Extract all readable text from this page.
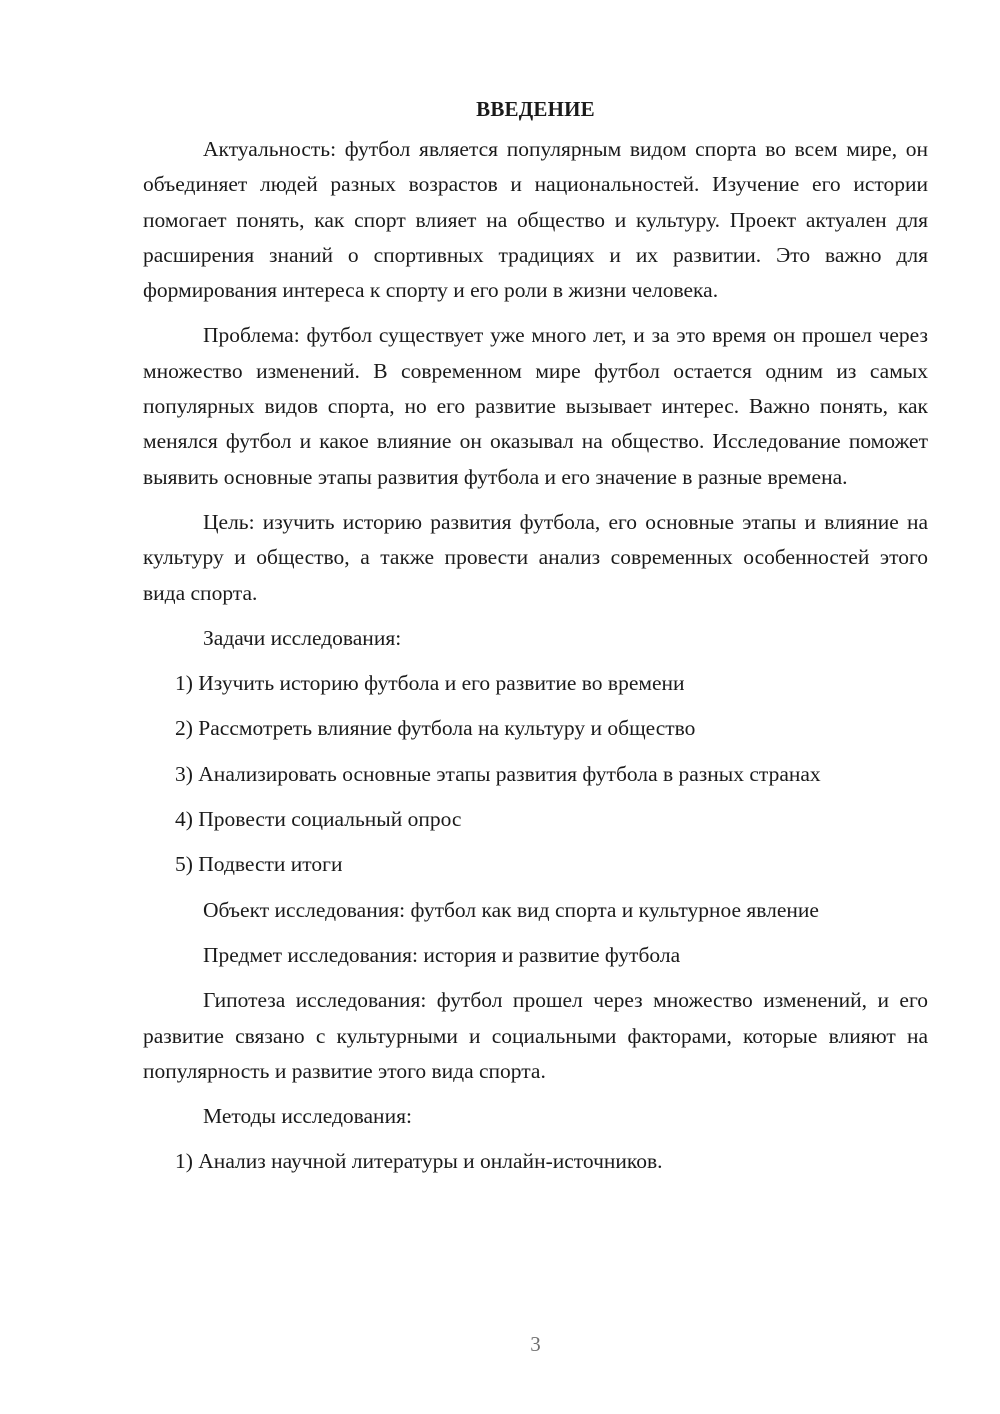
ВВЕДЕНИЕ

Актуальность: футбол является популярным видом спорта во всем мире, он объединяет людей разных возрастов и национальностей. Изучение его истории помогает понять, как спорт влияет на общество и культуру. Проект актуален для расширения знаний о спортивных традициях и их развитии. Это важно для формирования интереса к спорту и его роли в жизни человека.

Проблема: футбол существует уже много лет, и за это время он прошел через множество изменений. В современном мире футбол остается одним из самых популярных видов спорта, но его развитие вызывает интерес. Важно понять, как менялся футбол и какое влияние он оказывал на общество. Исследование поможет выявить основные этапы развития футбола и его значение в разные времена.

Цель: изучить историю развития футбола, его основные этапы и влияние на культуру и общество, а также провести анализ современных особенностей этого вида спорта.

Задачи исследования:

1) Изучить историю футбола и его развитие во времени

2) Рассмотреть влияние футбола на культуру и общество

3) Анализировать основные этапы развития футбола в разных странах

4) Провести социальный опрос

5) Подвести итоги

Объект исследования: футбол как вид спорта и культурное явление

Предмет исследования: история и развитие футбола

Гипотеза исследования: футбол прошел через множество изменений, и его развитие связано с культурными и социальными факторами, которые влияют на популярность и развитие этого вида спорта.

Методы исследования:

1) Анализ научной литературы и онлайн-источников.

3
